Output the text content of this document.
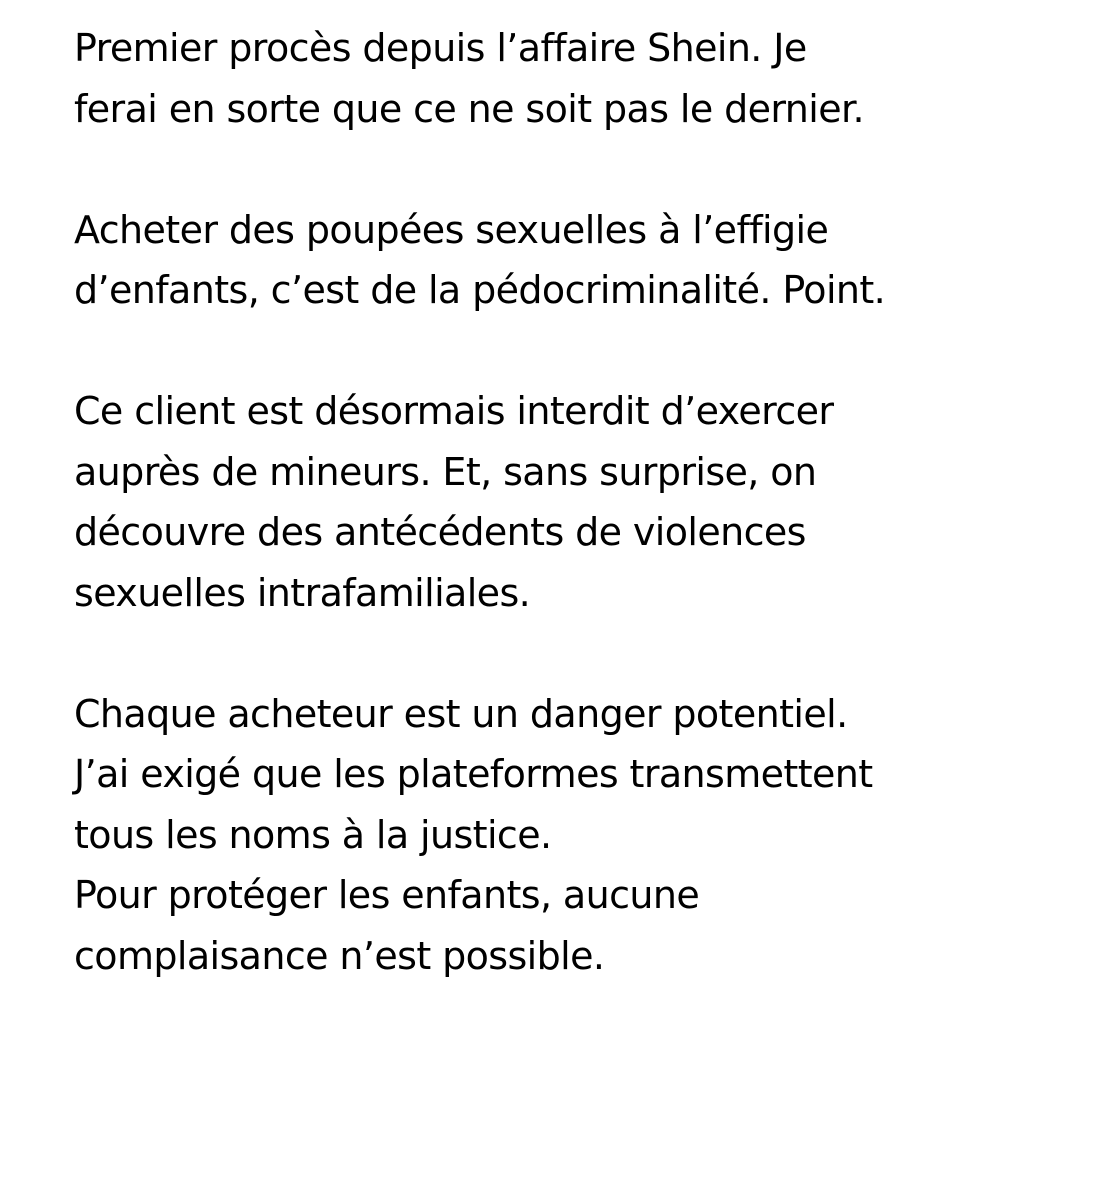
Premier procès depuis l’affaire Shein. Je
ferai en sorte que ce ne soit pas le dernier.

Acheter des poupées sexuelles à l’effigie
d’enfants, c’est de la pédocriminalité. Point.

Ce client est désormais interdit d’exercer
auprès de mineurs. Et, sans surprise, on
découvre des antécédents de violences
sexuelles intrafamiliales.

Chaque acheteur est un danger potentiel.
J’ai exigé que les plateformes transmettent
tous les noms à la justice.
Pour protéger les enfants, aucune
complaisance n’est possible.
